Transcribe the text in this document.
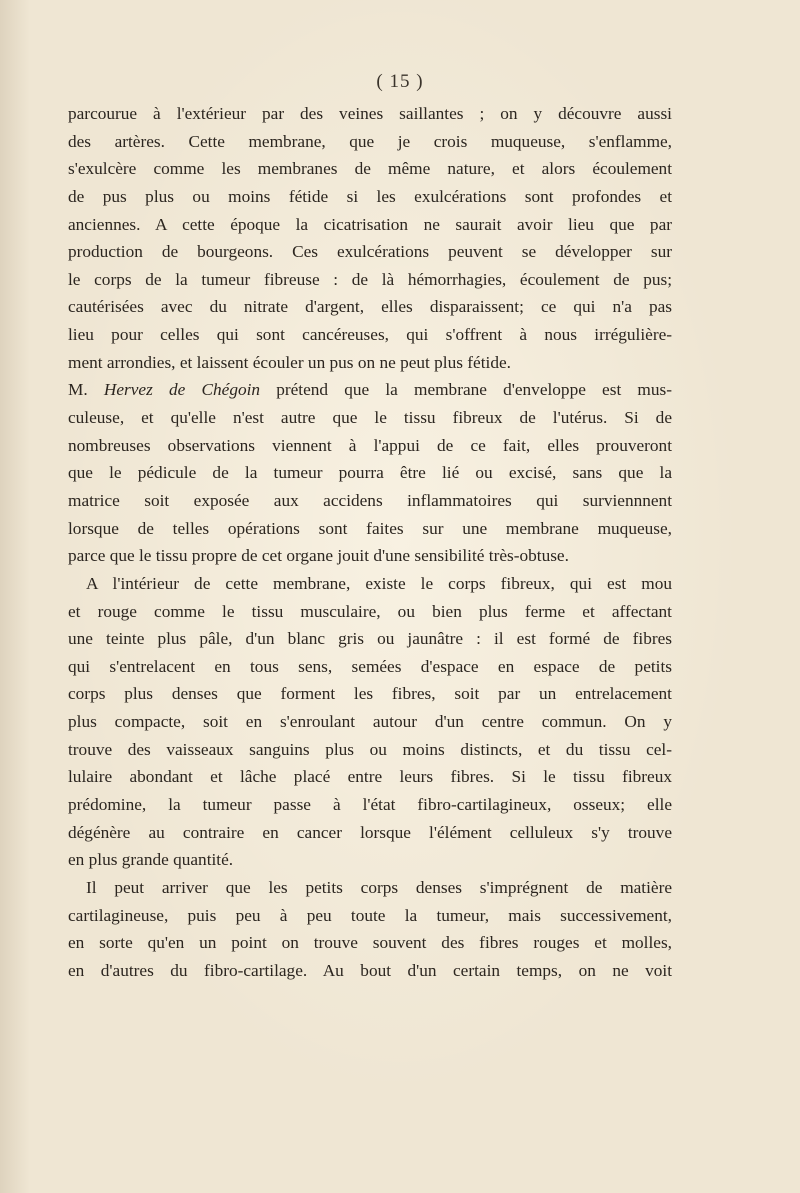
( 15 )
parcourue à l'extérieur par des veines saillantes ; on y découvre aussi
des artères. Cette membrane, que je crois muqueuse, s'enflamme,
s'exulcère comme les membranes de même nature, et alors écoulement
de pus plus ou moins fétide si les exulcérations sont profondes et
anciennes. A cette époque la cicatrisation ne saurait avoir lieu que par
production de bourgeons. Ces exulcérations peuvent se développer sur
le corps de la tumeur fibreuse : de là hémorrhagies, écoulement de pus;
cautérisées avec du nitrate d'argent, elles disparaissent; ce qui n'a pas
lieu pour celles qui sont cancéreuses, qui s'offrent à nous irrégulière-
ment arrondies, et laissent écouler un pus on ne peut plus fétide.
M. Hervez de Chégoin prétend que la membrane d'enveloppe est mus-
culeuse, et qu'elle n'est autre que le tissu fibreux de l'utérus. Si de
nombreuses observations viennent à l'appui de ce fait, elles prouveront
que le pédicule de la tumeur pourra être lié ou excisé, sans que la
matrice soit exposée aux accidens inflammatoires qui surviennnent
lorsque de telles opérations sont faites sur une membrane muqueuse,
parce que le tissu propre de cet organe jouit d'une sensibilité très-obtuse.
A l'intérieur de cette membrane, existe le corps fibreux, qui est mou
et rouge comme le tissu musculaire, ou bien plus ferme et affectant
une teinte plus pâle, d'un blanc gris ou jaunâtre : il est formé de fibres
qui s'entrelacent en tous sens, semées d'espace en espace de petits
corps plus denses que forment les fibres, soit par un entrelacement
plus compacte, soit en s'enroulant autour d'un centre commun. On y
trouve des vaisseaux sanguins plus ou moins distincts, et du tissu cel-
lulaire abondant et lâche placé entre leurs fibres. Si le tissu fibreux
prédomine, la tumeur passe à l'état fibro-cartilagineux, osseux; elle
dégénère au contraire en cancer lorsque l'élément celluleux s'y trouve
en plus grande quantité.
Il peut arriver que les petits corps denses s'imprégnent de matière
cartilagineuse, puis peu à peu toute la tumeur, mais successivement,
en sorte qu'en un point on trouve souvent des fibres rouges et molles,
en d'autres du fibro-cartilage. Au bout d'un certain temps, on ne voit
